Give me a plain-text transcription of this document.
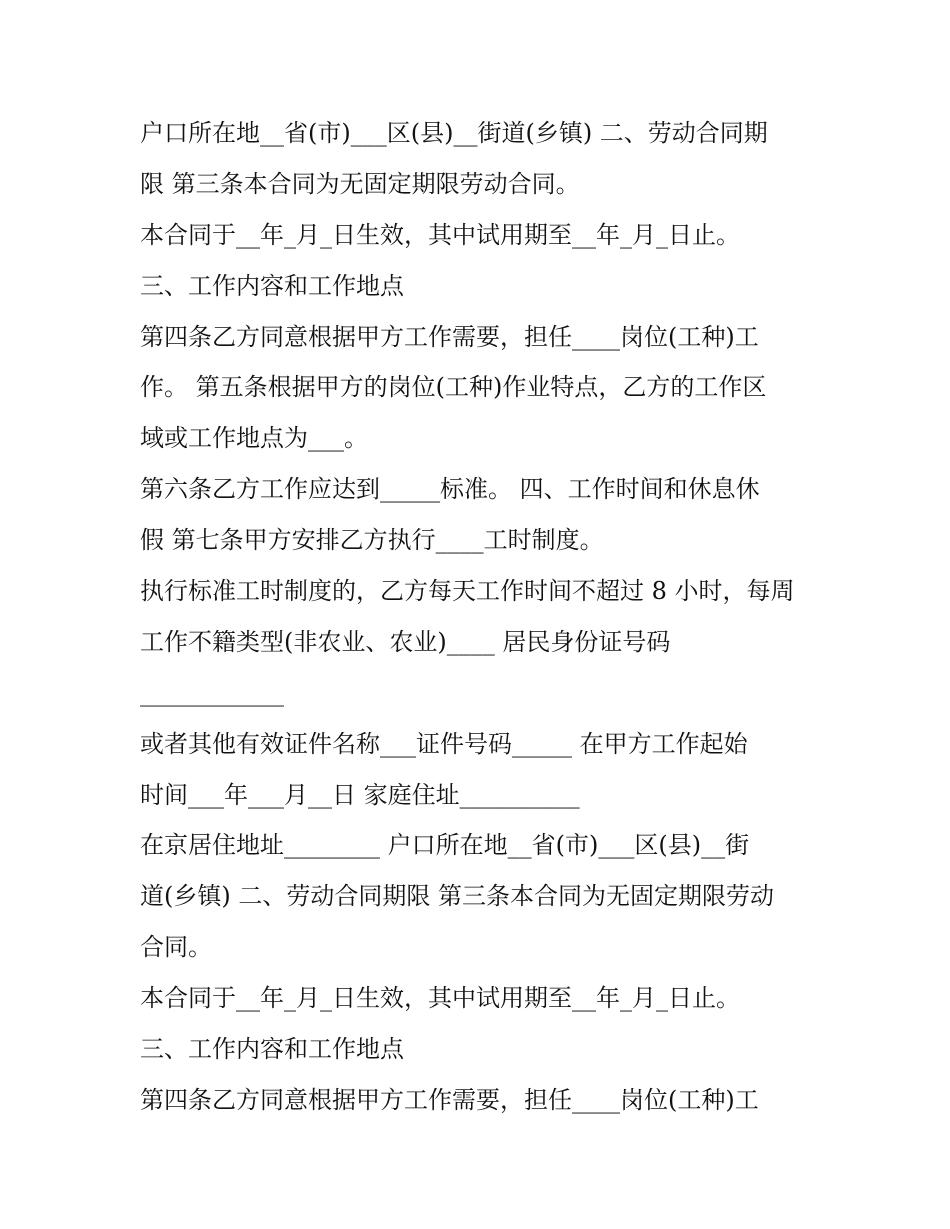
户口所在地__省(市)___区(县)__街道(乡镇) 二、劳动合同期
限 第三条本合同为无固定期限劳动合同。
本合同于__年_月_日生效，其中试用期至__年_月_日止。
三、工作内容和工作地点
第四条乙方同意根据甲方工作需要，担任____岗位(工种)工
作。 第五条根据甲方的岗位(工种)作业特点，乙方的工作区
域或工作地点为___。
第六条乙方工作应达到_____标准。 四、工作时间和休息休
假 第七条甲方安排乙方执行____工时制度。
执行标准工时制度的，乙方每天工作时间不超过 8 小时，每周
工作不籍类型(非农业、农业)____ 居民身份证号码
____________
或者其他有效证件名称___证件号码_____ 在甲方工作起始
时间___年___月__日 家庭住址__________
在京居住地址________ 户口所在地__省(市)___区(县)__街
道(乡镇) 二、劳动合同期限 第三条本合同为无固定期限劳动
合同。
本合同于__年_月_日生效，其中试用期至__年_月_日止。
三、工作内容和工作地点
第四条乙方同意根据甲方工作需要，担任____岗位(工种)工
